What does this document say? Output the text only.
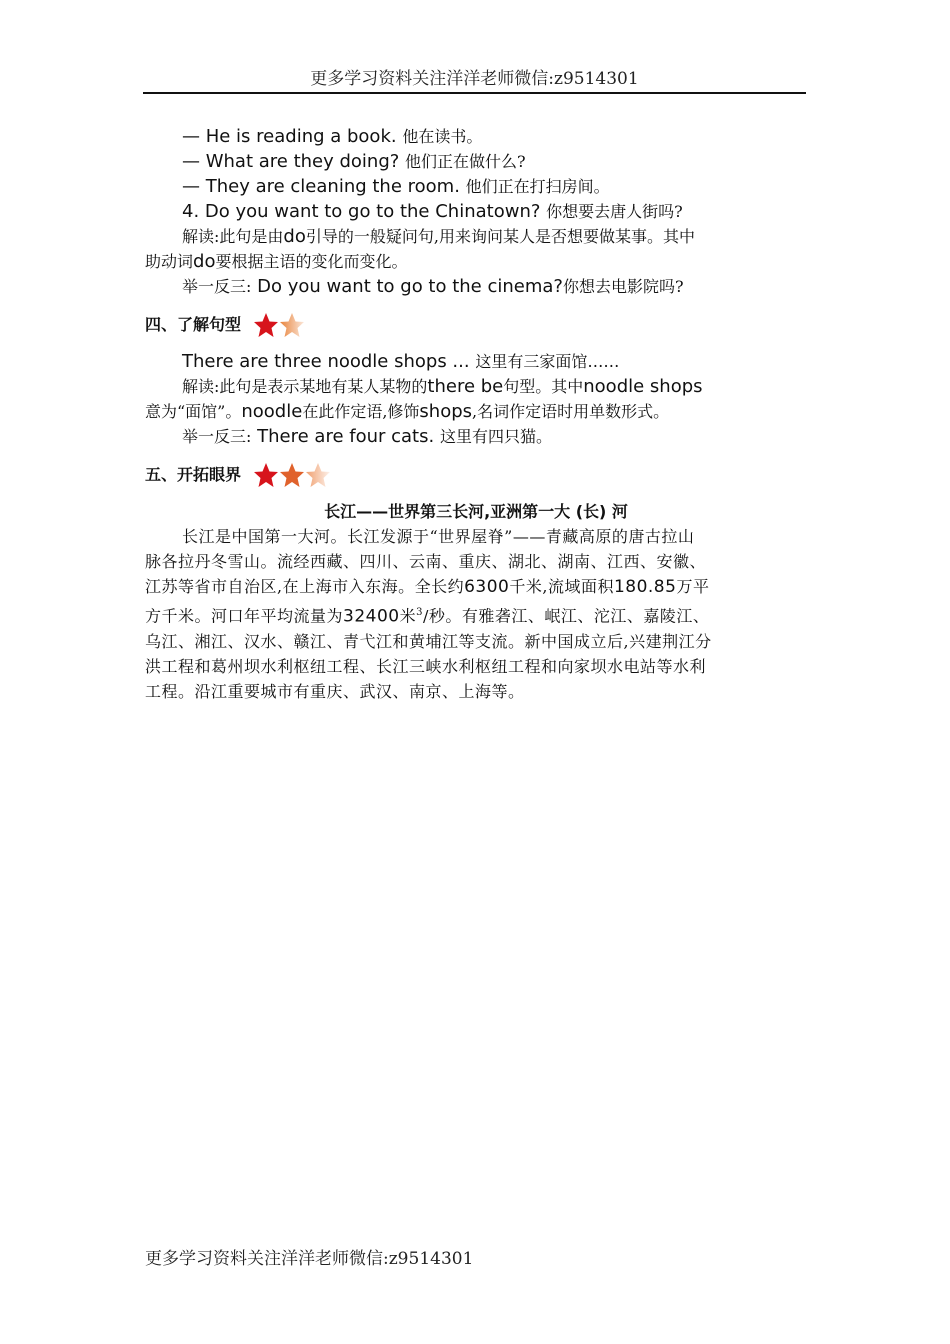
更多学习资料关注洋洋老师微信:z9514301
— He is reading a book. 他在读书。
— What are they doing? 他们正在做什么?
— They are cleaning the room. 他们正在打扫房间。
4. Do you want to go to the Chinatown? 你想要去唐人街吗?
解读:此句是由do引导的一般疑问句,用来询问某人是否想要做某事。其中
助动词do要根据主语的变化而变化。
举一反三: Do you want to go to the cinema?你想去电影院吗?
四、了解句型
There are three noodle shops ... 这里有三家面馆……
解读:此句是表示某地有某人某物的there be句型。其中noodle shops
意为“面馆”。noodle在此作定语,修饰shops,名词作定语时用单数形式。
举一反三: There are four cats. 这里有四只猫。
五、开拓眼界
长江——世界第三长河,亚洲第一大 (长) 河
长江是中国第一大河。长江发源于“世界屋脊”——青藏高原的唐古拉山
脉各拉丹冬雪山。流经西藏、四川、云南、重庆、湖北、湖南、江西、安徽、
江苏等省市自治区,在上海市入东海。全长约6300千米,流域面积180.85万平
方千米。河口年平均流量为32400米$^3$/秒。有雅砻江、岷江、沱江、嘉陵江、
乌江、湘江、汉水、赣江、青弋江和黄埔江等支流。新中国成立后,兴建荆江分
洪工程和葛州坝水利枢纽工程、长江三峡水利枢纽工程和向家坝水电站等水利
工程。沿江重要城市有重庆、武汉、南京、上海等。
更多学习资料关注洋洋老师微信:z9514301
